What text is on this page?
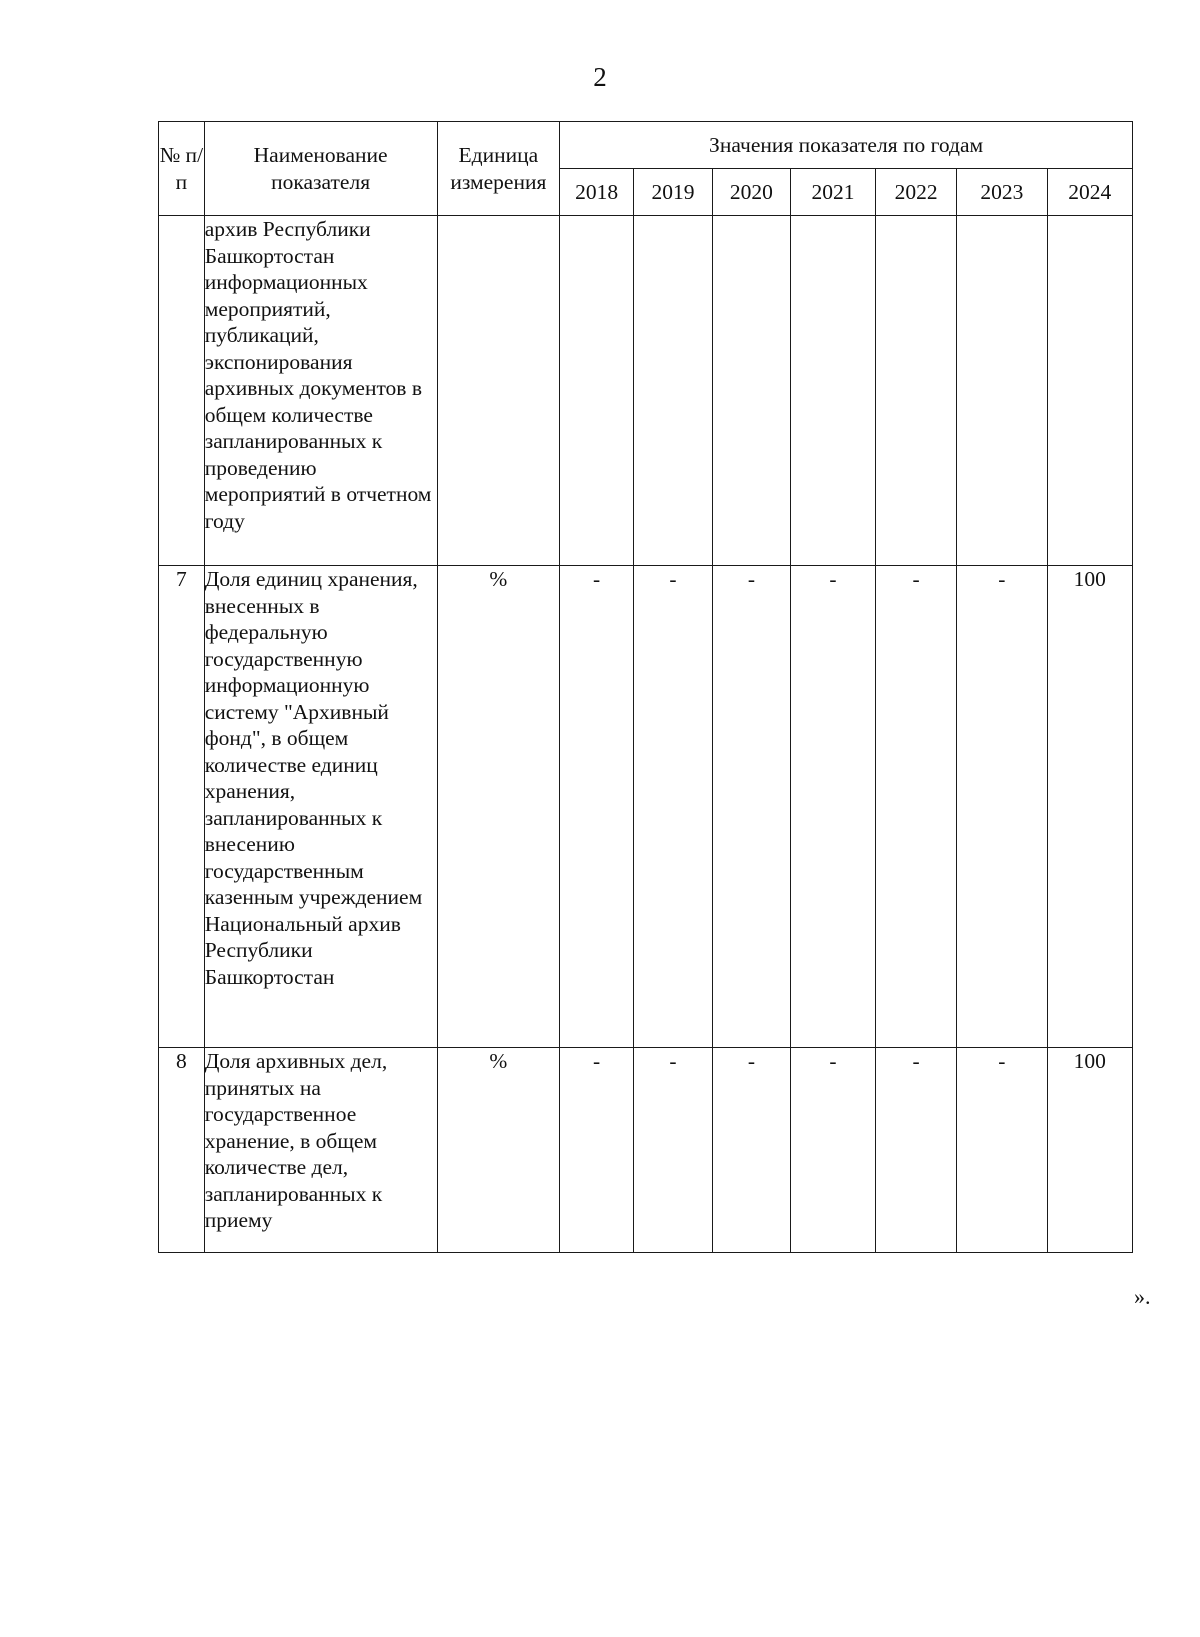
2
№ п/п	Наименование показателя	Единица измерения	Значения показателя по годам						
			2018	2019	2020	2021	2022	2023	2024
	архив Республики Башкортостан информационных мероприятий, публикаций, экспонирования архивных документов в общем количестве запланированных к проведению мероприятий в отчетном году								
7	Доля единиц хранения, внесенных в федеральную государственную информационную систему "Архивный фонд", в общем количестве единиц хранения, запланированных к внесению государственным казенным учреждением Национальный архив Республики Башкортостан	%	-	-	-	-	-	-	100
8	Доля архивных дел, принятых на государственное хранение, в общем количестве дел, запланированных к приему	%	-	-	-	-	-	-	100
».
